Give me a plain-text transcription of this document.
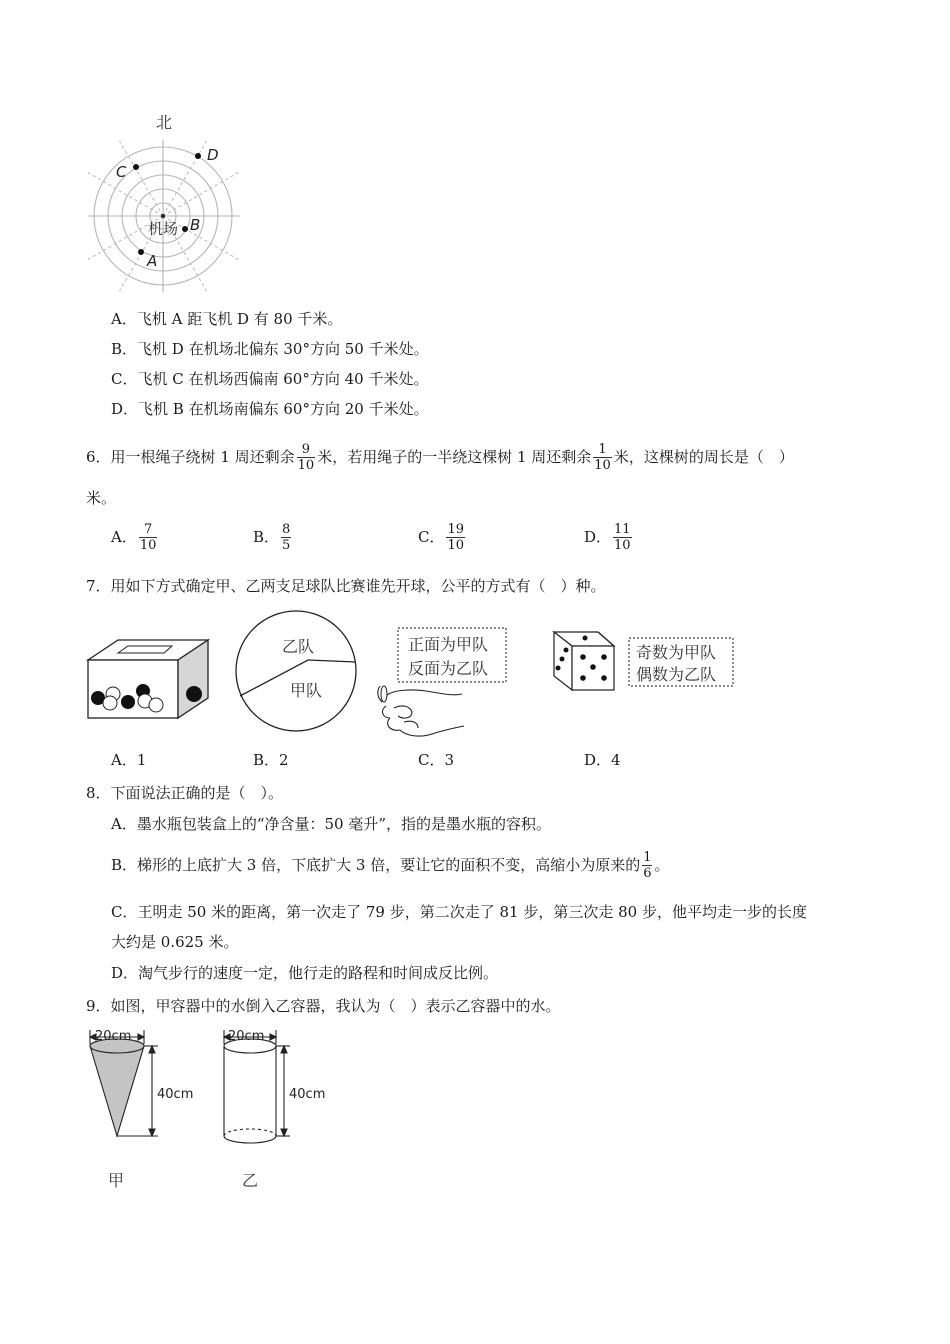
北
D
C
B
A
机场
A．飞机 A 距飞机 D 有 80 千米。
B．飞机 D 在机场北偏东 30°方向 50 千米处。
C．飞机 C 在机场西偏南 60°方向 40 千米处。
D．飞机 B 在机场南偏东 60°方向 20 千米处。
6． 用一根绳子绕树 1 周还剩余 $\frac{9}{10}$ 米，若用绳子的一半绕这棵树 1 周还剩余 $\frac{1}{10}$ 米，这棵树的周长是（　）
米。
A． $\frac{7}{10}$	B． $\frac{8}{5}$	C． $\frac{19}{10}$	D． $\frac{11}{10}$
7．用如下方式确定甲、乙两支足球队比赛谁先开球，公平的方式有（　）种。
乙队
甲队
正面为甲队
反面为乙队
奇数为甲队
偶数为乙队
A．1	B．2	C．3	D．4
8．下面说法正确的是（　）。
A．墨水瓶包装盒上的“净含量：50 毫升”，指的是墨水瓶的容积。
B． 梯形的上底扩大 3 倍，下底扩大 3 倍，要让它的面积不变，高缩小为原来的 $\frac{1}{6}$ 。
C．王明走 50 米的距离，第一次走了 79 步，第二次走了 81 步，第三次走 80 步，他平均走一步的长度
大约是 0.625 米。
D．淘气步行的速度一定，他行走的路程和时间成反比例。
9．如图，甲容器中的水倒入乙容器，我认为（　）表示乙容器中的水。
20cm
40cm
甲
20cm
40cm
乙
